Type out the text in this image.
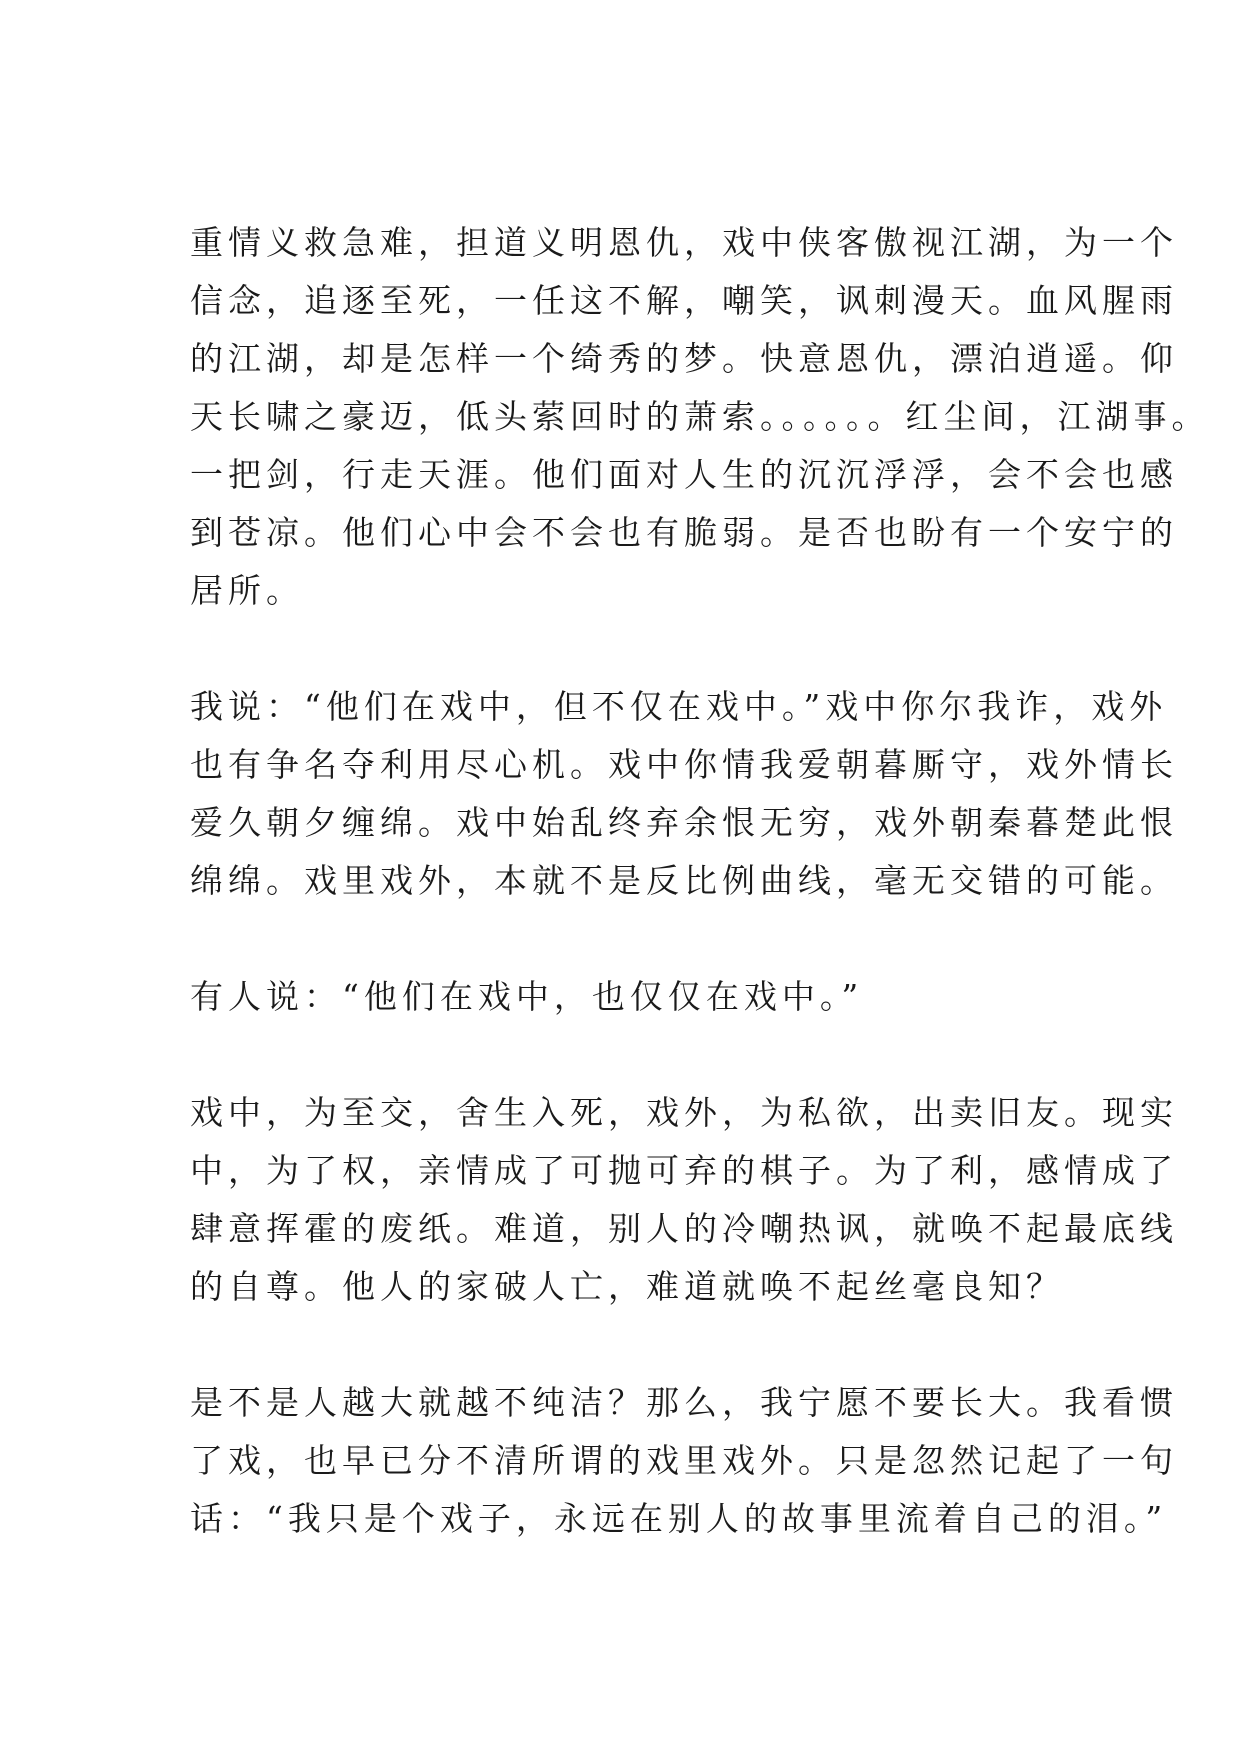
重情义救急难，担道义明恩仇，戏中侠客傲视江湖，为一个
信念，追逐至死，一任这不解，嘲笑，讽刺漫天。血风腥雨
的江湖，却是怎样一个绮秀的梦。快意恩仇，漂泊逍遥。仰
天长啸之豪迈，低头萦回时的萧索。。。。。。红尘间，江湖事。
一把剑，行走天涯。他们面对人生的沉沉浮浮，会不会也感
到苍凉。他们心中会不会也有脆弱。是否也盼有一个安宁的
居所。
我说：“他们在戏中，但不仅在戏中。”戏中你尔我诈，戏外
也有争名夺利用尽心机。戏中你情我爱朝暮厮守，戏外情长
爱久朝夕缠绵。戏中始乱终弃余恨无穷，戏外朝秦暮楚此恨
绵绵。戏里戏外，本就不是反比例曲线，毫无交错的可能。
有人说：“他们在戏中，也仅仅在戏中。”
戏中，为至交，舍生入死，戏外，为私欲，出卖旧友。现实
中，为了权，亲情成了可抛可弃的棋子。为了利，感情成了
肆意挥霍的废纸。难道，别人的冷嘲热讽，就唤不起最底线
的自尊。他人的家破人亡，难道就唤不起丝毫良知？
是不是人越大就越不纯洁？那么，我宁愿不要长大。我看惯
了戏，也早已分不清所谓的戏里戏外。只是忽然记起了一句
话：“我只是个戏子，永远在别人的故事里流着自己的泪。”
